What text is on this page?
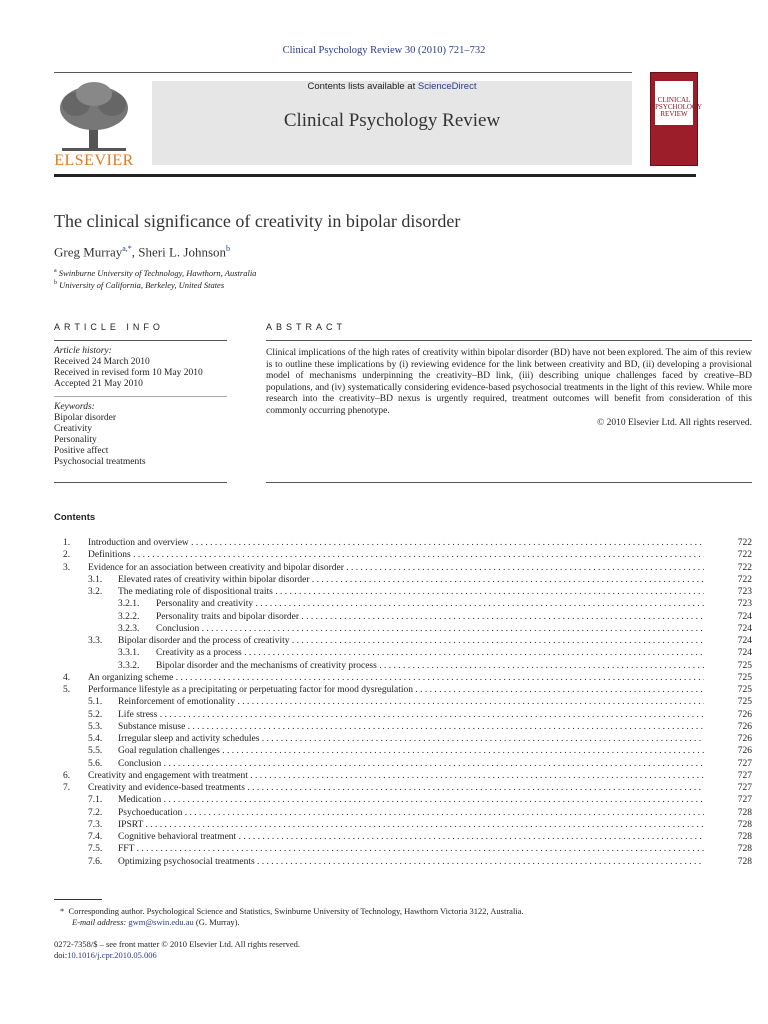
Clinical Psychology Review 30 (2010) 721–732
ELSEVIER
Contents lists available at ScienceDirect
Clinical Psychology Review
CLINICAL PSYCHOLOGY REVIEW
The clinical significance of creativity in bipolar disorder
Greg Murray$^{a,*}$, Sheri L. Johnson$^b$
$^a$ Swinburne University of Technology, Hawthorn, Australia
$^b$ University of California, Berkeley, United States
ARTICLE INFO
Article history:
Received 24 March 2010
Received in revised form 10 May 2010
Accepted 21 May 2010
Keywords:
Bipolar disorder
Creativity
Personality
Positive affect
Psychosocial treatments
ABSTRACT
Clinical implications of the high rates of creativity within bipolar disorder (BD) have not been explored. The aim of this review is to outline these implications by (i) reviewing evidence for the link between creativity and BD, (ii) developing a provisional model of mechanisms underpinning the creativity–BD link, (iii) describing unique challenges faced by creative–BD populations, and (iv) systematically considering evidence-based psychosocial treatments in the light of this review. While more research into the creativity–BD nexus is urgently required, treatment outcomes will benefit from consideration of this commonly occurring phenotype.
© 2010 Elsevier Ltd. All rights reserved.
Contents
1. Introduction and overview . . .	722
2. Definitions . . .	722
3. Evidence for an association between creativity and bipolar disorder . . .	722
3.1. Elevated rates of creativity within bipolar disorder . . .	722
3.2. The mediating role of dispositional traits . . .	723
3.2.1. Personality and creativity . . .	723
3.2.2. Personality traits and bipolar disorder . . .	724
3.2.3. Conclusion . . .	724
3.3. Bipolar disorder and the process of creativity . . .	724
3.3.1. Creativity as a process . . .	724
3.3.2. Bipolar disorder and the mechanisms of creativity process . . .	725
4. An organizing scheme . . .	725
5. Performance lifestyle as a precipitating or perpetuating factor for mood dysregulation . . .	725
5.1. Reinforcement of emotionality . . .	725
5.2. Life stress . . .	726
5.3. Substance misuse . . .	726
5.4. Irregular sleep and activity schedules . . .	726
5.5. Goal regulation challenges . . .	726
5.6. Conclusion . . .	727
6. Creativity and engagement with treatment . . .	727
7. Creativity and evidence-based treatments . . .	727
7.1. Medication . . .	727
7.2. Psychoeducation . . .	728
7.3. IPSRT . . .	728
7.4. Cognitive behavioral treatment . . .	728
7.5. FFT . . .	728
7.6. Optimizing psychosocial treatments . . .	728
* Corresponding author. Psychological Science and Statistics, Swinburne University of Technology, Hawthorn Victoria 3122, Australia.
E-mail address: gwm@swin.edu.au (G. Murray).
0272-7358/$ – see front matter © 2010 Elsevier Ltd. All rights reserved.
doi:10.1016/j.cpr.2010.05.006
